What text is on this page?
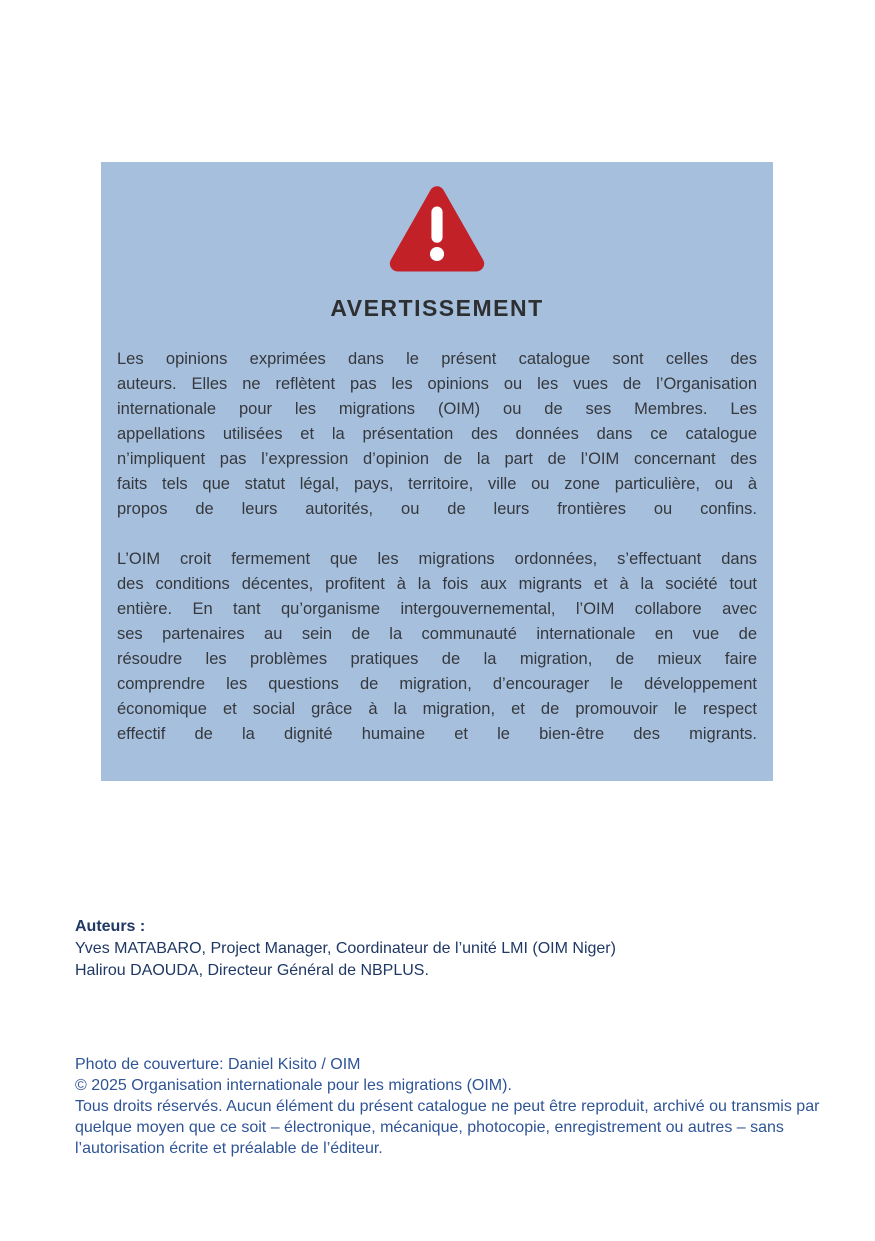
AVERTISSEMENT
Les opinions exprimées dans le présent catalogue sont celles des
auteurs. Elles ne reflètent pas les opinions ou les vues de l’Organisation
internationale pour les migrations (OIM) ou de ses Membres. Les
appellations utilisées et la présentation des données dans ce catalogue
n’impliquent pas l’expression d’opinion de la part de l’OIM concernant des
faits tels que statut légal, pays, territoire, ville ou zone particulière, ou à
propos de leurs autorités, ou de leurs frontières ou confins.
L’OIM croit fermement que les migrations ordonnées, s’effectuant dans
des conditions décentes, profitent à la fois aux migrants et à la société tout
entière. En tant qu’organisme intergouvernemental, l’OIM collabore avec
ses partenaires au sein de la communauté internationale en vue de
résoudre les problèmes pratiques de la migration, de mieux faire
comprendre les questions de migration, d’encourager le développement
économique et social grâce à la migration, et de promouvoir le respect
effectif de la dignité humaine et le bien-être des migrants.
Auteurs :
Yves MATABARO, Project Manager, Coordinateur de l’unité LMI (OIM Niger)
Halirou DAOUDA, Directeur Général de NBPLUS.
Photo de couverture: Daniel Kisito / OIM
© 2025 Organisation internationale pour les migrations (OIM).
Tous droits réservés. Aucun élément du présent catalogue ne peut être reproduit, archivé ou transmis par
quelque moyen que ce soit – électronique, mécanique, photocopie, enregistrement ou autres – sans
l’autorisation écrite et préalable de l’éditeur.
